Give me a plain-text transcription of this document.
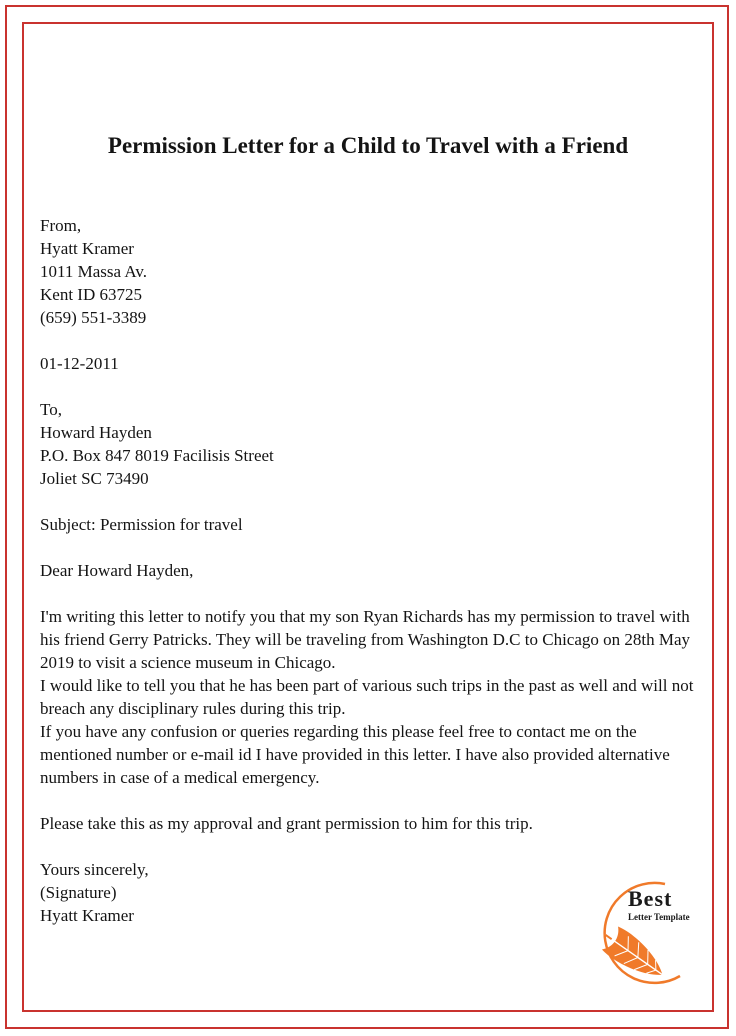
Permission Letter for a Child to Travel with a Friend
From,
Hyatt Kramer
1011 Massa Av.
Kent ID 63725
(659) 551-3389
01-12-2011
To,
Howard Hayden
P.O. Box 847 8019 Facilisis Street
Joliet SC 73490
Subject: Permission for travel
Dear Howard Hayden,
I'm writing this letter to notify you that my son Ryan Richards has my permission to travel with
his friend Gerry Patricks. They will be traveling from Washington D.C to Chicago on 28th May
2019 to visit a science museum in Chicago.
I would like to tell you that he has been part of various such trips in the past as well and will not
breach any disciplinary rules during this trip.
If you have any confusion or queries regarding this please feel free to contact me on the
mentioned number or e-mail id I have provided in this letter. I have also provided alternative
numbers in case of a medical emergency.
Please take this as my approval and grant permission to him for this trip.
Yours sincerely,
(Signature)
Hyatt Kramer
Best
Letter Template
